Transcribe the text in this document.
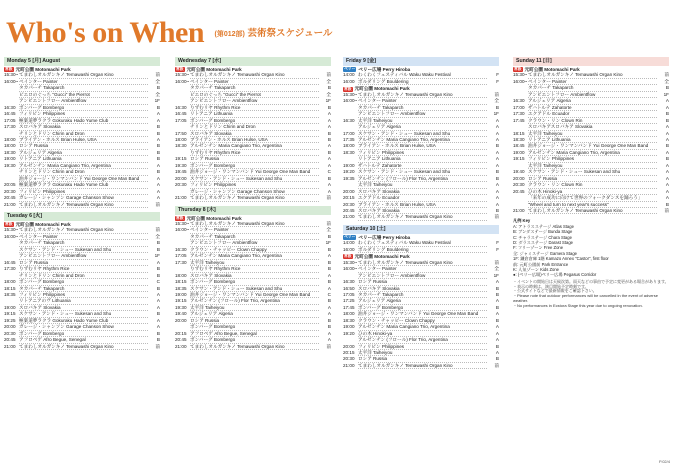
Who's on When (第012部) 芸術祭スケジュール
Monday 5 [月] August
常設 元町公園 Motomachi Park
15:30~ てまわしオルガンキノ Temawashi Organ Kino	前
16:00~ ペインター Painter	全
タカパーチ Takaparch	B
ピエロのぐっち "Gucci" the Pierrot	全
アンビエントフロー Ambientflow	1F
16:30 ボンバーグ Bombergo	B
16:45 フィリピン Philippines	A
17:05 極楽道夢ラクラ Gokuraku Hado Yume Club	A
17:30 スロバキア Slovakia	B
チリンとドリン Chirin and Dron	B
18:00 ブライアン・ホルス Brian Hulse, USA	A
18:00 ロシア Russia	B
18:30 アルジェリア Algeria	B
19:00 リトアニア Lithuania	B
19:30 アルゼンチン Maria Cangiano Trio, Argentina	A
チリンとドリン Chirin and Dron	B
油井ジョージ・ワンマンバンド Yui George One Man Band	A
20:05 極楽道夢ラクラ Gokuraku Hado Yume Club	A
20:30 フィリピン Philippines	A
20:45 ガレージ・シャンソン Garage Chanson Show	A
21:00 てまわしオルガンキノ Temawashi Organ Kino	前
Tuesday 6 [火]
常設 元町公園 Motomachi Park
15:30~ てまわしオルガンキノ Temawashi Organ Kino	前
16:00~ ペインター Painter	全
タカパーチ Takaparch	B
スケサン・アンド・シュー Sukesan and Shu	B
アンビエントフロー Ambientflow	1F
16:45 ロシア Russia	A
17:30 りずむリヤ Rhythm Rice	B
チリンとドリン Chirin and Dron	B
18:00 ボンバーグ Bombergo	C
18:15 タカパーチ Takaparch	B
18:35 フィリピン Philippines	A
リトアニアのヴ Lithuania	A
19:00 スロバキア Slovakia	A
19:15 スケサン・アンド・シュー Sukesan and Shu	B
19:25 極楽道夢ラクラ Gokuraku Hado Yume Club	A
20:00 ガレージ・シャンソン Garage Chanson Show	A
20:30 ボンバーグ Bombergo	B
20:45 アフロベゲ Afro Begue, Senegal	B
21:00 てまわしオルガンキノ Temawashi Organ Kino	前
Wednesday 7 [水]
常設 元町公園 Motomachi Park
15:30~ てまわしオルガンキノ Temawashi Organ Kino	前
16:00~ ペインター Painter	全
タカパーチ Takaparch	B
ピエロのぐっち "Gucci" the Pierrot	全
アンビエントフロー Ambientflow	1F
16:30 りずむリヤ Rhythm Rice	B
16:45 リトアニア Lithuania	A
17:05 ボンバーグ Bombergo	A
チリンとドリン Chirin and Dron	A
17:50 スロバキア Slovakia	B
18:00 ブライアン・ホルス Brian Hulse, USA	B
18:30 アルゼンチン Maria Cangiano Trio, Argentina	A
りずむリヤ Rhythm Rice	B
19:15 ロシア Russia	A
19:30 ボンバーグ Bombergo	A
19:45 油井ジョージ・ワンマンバンド Yui George One Man Band	C
20:00 スケサン・アンド・シュー Sukesan and Shu	B
20:30 フィリピン Philippines	A
ガレージ・シャンソン Garage Chanson Show	A
21:00 てまわしオルガンキノ Temawashi Organ Kino	前
Thursday 8 [木]
常設 元町公園 Motomachi Park
15:30~ てまわしオルガンキノ Temawashi Organ Kino	前
16:00~ ペインター Painter	全
タカパーチ Takaparch	B
アンビエントフロー Ambientflow	1F
16:30 クラウン・チャッピー Clown Chappy	B
17:05 アルゼンチン Maria Cangiano Trio, Argentina	A
17:30 太平洋 Taiheiyou	B
りずむリヤ Rhythm Rice	B
18:00 スロバキア Slovakia	A
18:15 ボンバーグ Bombergo	B
18:35 スケサン・アンド・シュー Sukesan and Shu	A
19:00 油井ジョージ・ワンマンバンド Yui George One Man Band	C
19:15 アルゼンチン (フロール) Flor Trio, Argentina	B
19:30 太平洋 Taiheiyou	A
19:40 アルジェリア Algeria	A
20:00 ロシア Russia	B
ボンバーグ Bombergo	B
20:15 アフロベゲ Afro Begue, Senegal	A
20:45 ボンバーグ Bombergo	A
21:00 てまわしオルガンキノ Temawashi Organ Kino	前
Friday 9 [金]
ペリー ペリー広場 Perry Hiroba
14:00 わくわくフェスティバル Waku Waku Festival	F
16:00 ボルダリング Bouldering	F
常設 元町公園 Motomachi Park
15:30~ てまわしオルガンキノ Temawashi Organ Kino	前
16:00~ ペインター Painter	全
タカパーチ Takaparch	B
アンビエントフロー Ambientflow	1F
16:30 太平洋 Taiheiyou	A
アルジェリア Algeria	A
17:00 スケサン・アンド・シュー Sukesan and Shu	A
17:35 アルゼンチン Maria Cangiano Trio, Argentina	A
18:00 ブライアン・ホルス Brian Hulse, USA	B
18:30 フィリピン Philippines	A
リトアニア Lithuania	A
19:00 ザハトルテ Zahatorte	A
19:20 スケサン・アンド・シュー Sukesan and Shu	B
19:35 アルゼンチン (フロール) Flor Trio, Argentina	B
太平洋 Taiheiyou	A
20:00 スロバキア Slovakia	A
20:15 エクアドル Ecuador	A
20:30 ブライアン・ホルス Brian Hulse, USA	A
20:45 スロバキア Slovakia	B
21:00 てまわしオルガンキノ Temawashi Organ Kino	前
Saturday 10 [土]
ペリー ペリー広場 Perry Hiroba
14:00 わくわくフェスティバル Waku Waku Festival	F
16:00 ボルダリング Bouldering	F
常設 元町公園 Motomachi Park
15:30~ てまわしオルガンキノ Temawashi Organ Kino	前
16:00~ ペインター Painter	全
アンビエントフロー Ambientflow	1F
16:30 ロシア Russia	A
16:50 スロバキア Slovakia	B
17:05 タカパーチ Takaparch	B
17:25 アルジェリア Algeria	A
17:45 ボンバーグ Bombergo	B
18:00 油井ジョージ・ワンマンバンド Yui George One Man Band	A
18:30 クラウン・チャッピー Clown Chappy	B
19:00 アルゼンチン Maria Cangiano Trio, Argentina	A
19:20 ひの木 Hinoki-ya	A
アルゼンチン (フロール) Flor Trio, Argentina	A
20:00 フィリピン Philippines	B
20:15 太平洋 Taiheiyou	A
20:30 ロシア Russia	B
21:00 てまわしオルガンキノ Temawashi Organ Kino	前
Sunday 11 [日]
常設 元町公園 Motomachi Park
15:30~ てまわしオルガンキノ Temawashi Organ Kino	前
16:00~ ペインター Painter	全
タカパーチ Takaparch	B
アンビエントフロー Ambientflow	1F
16:30 アルジェリア Algeria	A
17:00 ザハトルテ Zahatorte	A
17:30 エクアドル Ecuador	B
17:45 クラウン・リン Clown Rin	B
スロバキアスロバキア Slovakia	A
18:15 太平洋 Taiheiyou	A
18:30 リトアニア Lithuania	A
18:45 油井ジョージ・ワンマンバンド Yui George One Man Band	B
19:00 アルゼンチン Maria Cangiano Trio, Argentina	A
19:15 フィリピン Philippines	B
太平洋 Taiheiyou	A
19:40 スケサン・アンド・シュー Sukesan and Shu	A
20:00 ロシア Russia	A
20:30 クラウン・リン Clown Rin	A
20:45 ひの木 Hinoki-ya	A
「来年の成功に向けて世界のフォークダンスを踊ろう」	A
"Wheel and turn to next year's success"	B
21:00 てまわしオルガンキノ Temawashi Organ Kino	前
凡例 Key
A: アトラスステージ Atlas Stage
B: ブンダステージ Bunda Stage
C: チャラステージ Chara Stage
D: ダラスステージ Darast Stage
F: フリーゾーン Free Zone
全: ジャミステージ Gamera Stage
1F: 鎌倉倉庫 1階 Kamazo Annex "Castor", first floor
前: 元町公園前 Park Entrance
K: 人気ゾーン Kids Zone
●: (ペリー広場)ペリー広場 Pegasus Corridor
・イベントの開始日は天候次第。雨天などの事由で予定に変更がある場合があります。
・表示の時刻は、演目開始予定時刻です。
・公式サイトなどで最新情報をご確認下さい。
・Please note that outdoor performances will be cancelled in the event of adverse weather.
・No performances in Ecstora Stage this year due to ongoing renovation.
P.02/4
